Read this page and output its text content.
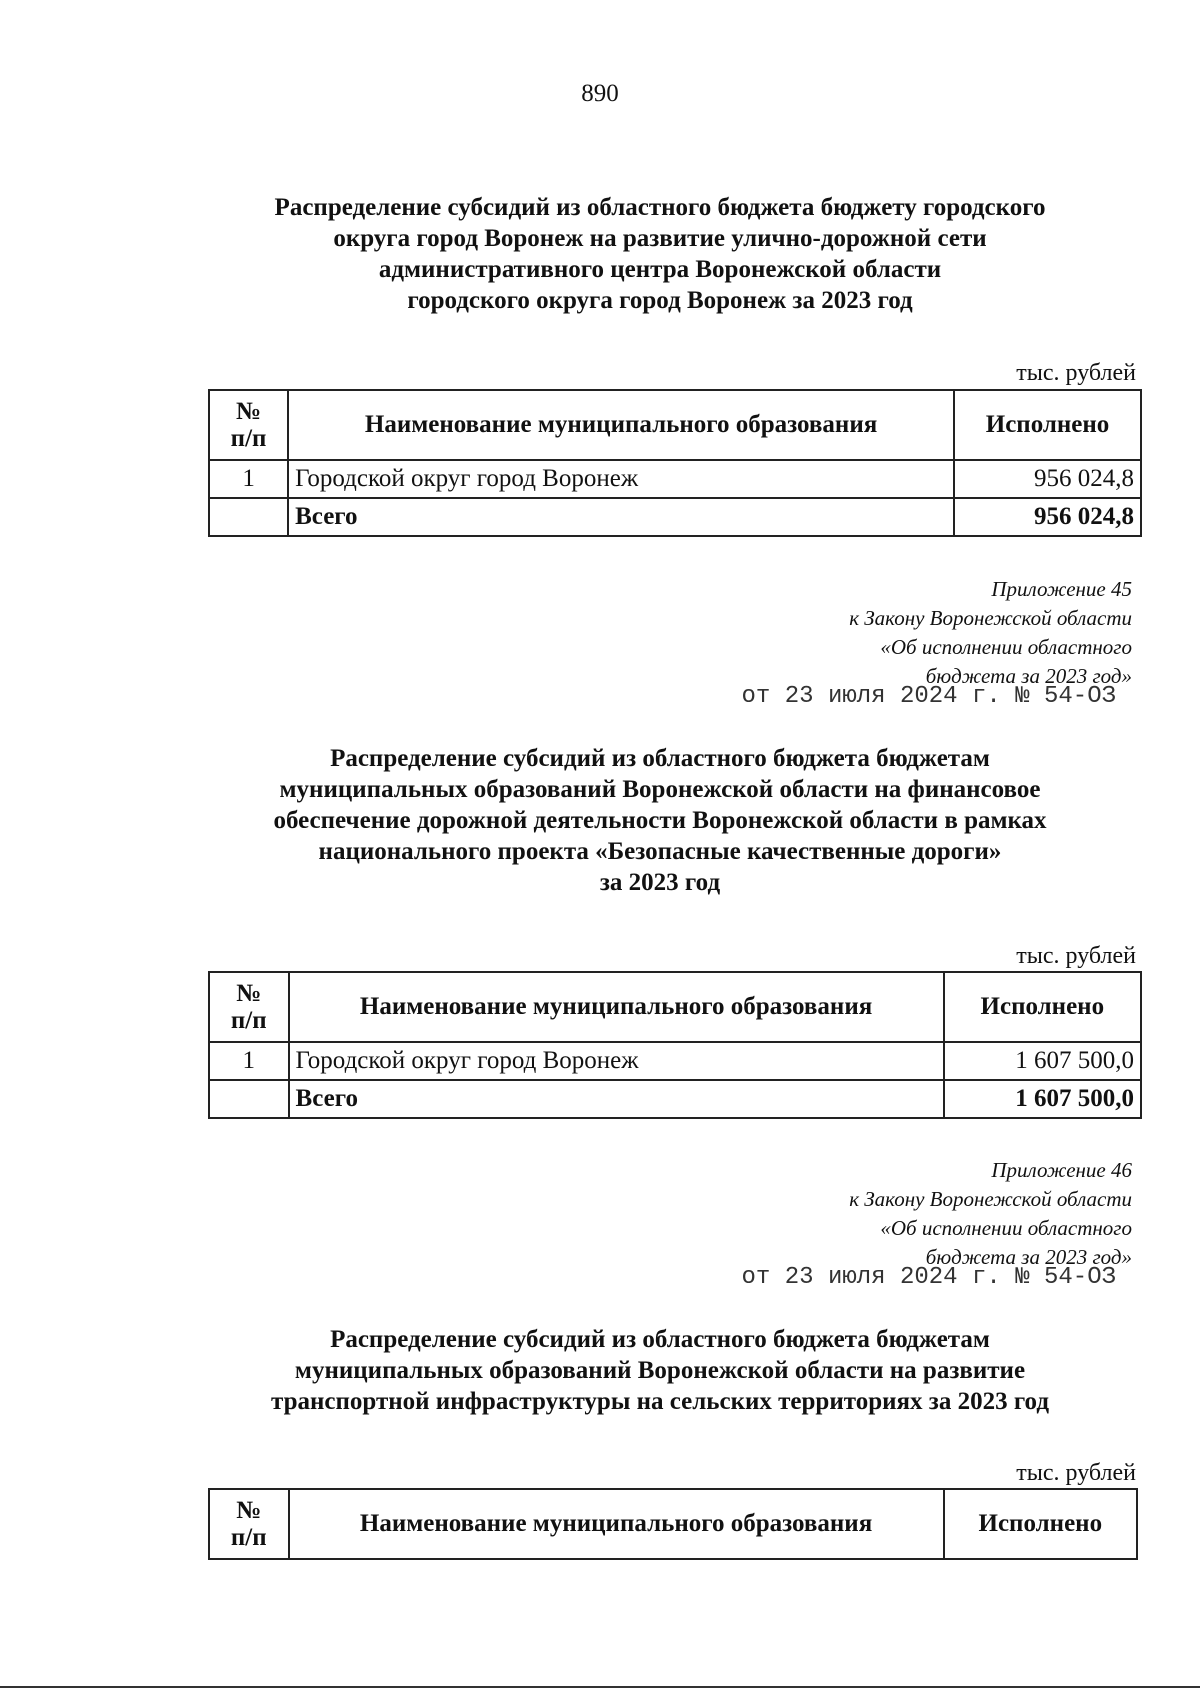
890
Распределение субсидий из областного бюджета бюджету городского
округа город Воронеж на развитие улично-дорожной сети
административного центра Воронежской области
городского округа город Воронеж за 2023 год
тыс. рублей
№
п/п	Наименование муниципального образования	Исполнено
1	Городской округ город Воронеж	956 024,8
	Всего	956 024,8
Приложение 45
к Закону Воронежской области
«Об исполнении областного
бюджета за 2023 год»
от 23 июля 2024 г. № 54-ОЗ
Распределение субсидий из областного бюджета бюджетам
муниципальных образований Воронежской области на финансовое
обеспечение дорожной деятельности Воронежской области в рамках
национального проекта «Безопасные качественные дороги»
за 2023 год
тыс. рублей
№
п/п	Наименование муниципального образования	Исполнено
1	Городской округ город Воронеж	1 607 500,0
	Всего	1 607 500,0
Приложение 46
к Закону Воронежской области
«Об исполнении областного
бюджета за 2023 год»
от 23 июля 2024 г. № 54-ОЗ
Распределение субсидий из областного бюджета бюджетам
муниципальных образований Воронежской области на развитие
транспортной инфраструктуры на сельских территориях за 2023 год
тыс. рублей
№
п/п
	Наименование муниципального образования	Исполнено
